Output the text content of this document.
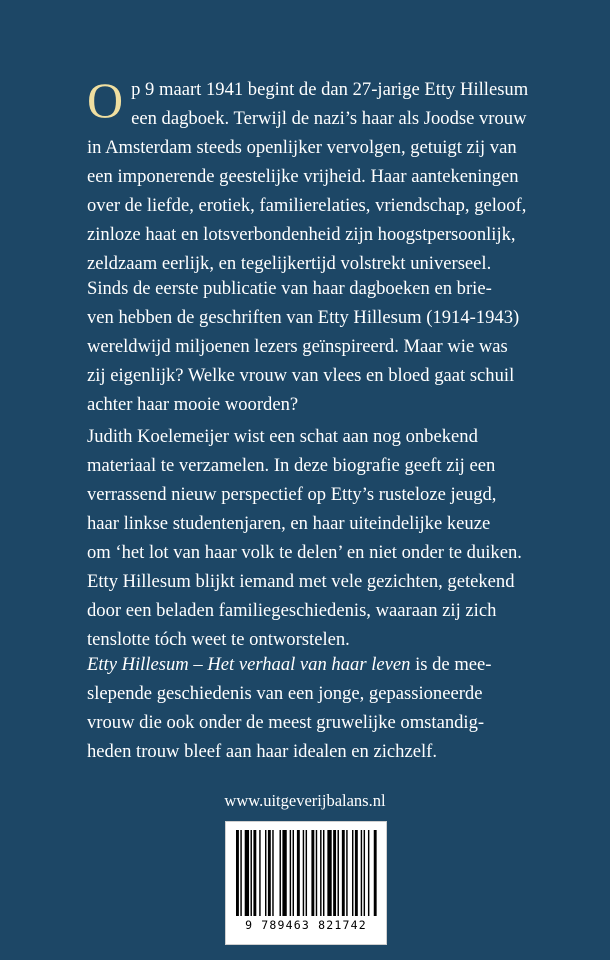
O p 9 maart 1941 begint de dan 27-jarige Etty Hillesum
een dagboek. Terwijl de nazi’s haar als Joodse vrouw
in Amsterdam steeds openlijker vervolgen, getuigt zij van
een imponerende geestelijke vrijheid. Haar aantekeningen
over de liefde, erotiek, familierelaties, vriendschap, geloof,
zinloze haat en lotsverbondenheid zijn hoogstpersoonlijk,
zeldzaam eerlijk, en tegelijkertijd volstrekt universeel.
Sinds de eerste publicatie van haar dagboeken en brie-
ven hebben de geschriften van Etty Hillesum (1914-1943)
wereldwijd miljoenen lezers geïnspireerd. Maar wie was
zij eigenlijk? Welke vrouw van vlees en bloed gaat schuil
achter haar mooie woorden?
Judith Koelemeijer wist een schat aan nog onbekend
materiaal te verzamelen. In deze biografie geeft zij een
verrassend nieuw perspectief op Etty’s rusteloze jeugd,
haar linkse studentenjaren, en haar uiteindelijke keuze
om ‘het lot van haar volk te delen’ en niet onder te duiken.
Etty Hillesum blijkt iemand met vele gezichten, getekend
door een beladen familiegeschiedenis, waaraan zij zich
tenslotte tóch weet te ontworstelen.
Etty Hillesum – Het verhaal van haar leven is de mee-
slepende geschiedenis van een jonge, gepassioneerde
vrouw die ook onder de meest gruwelijke omstandig-
heden trouw bleef aan haar idealen en zichzelf.
www.uitgeverijbalans.nl
9 789463 821742
